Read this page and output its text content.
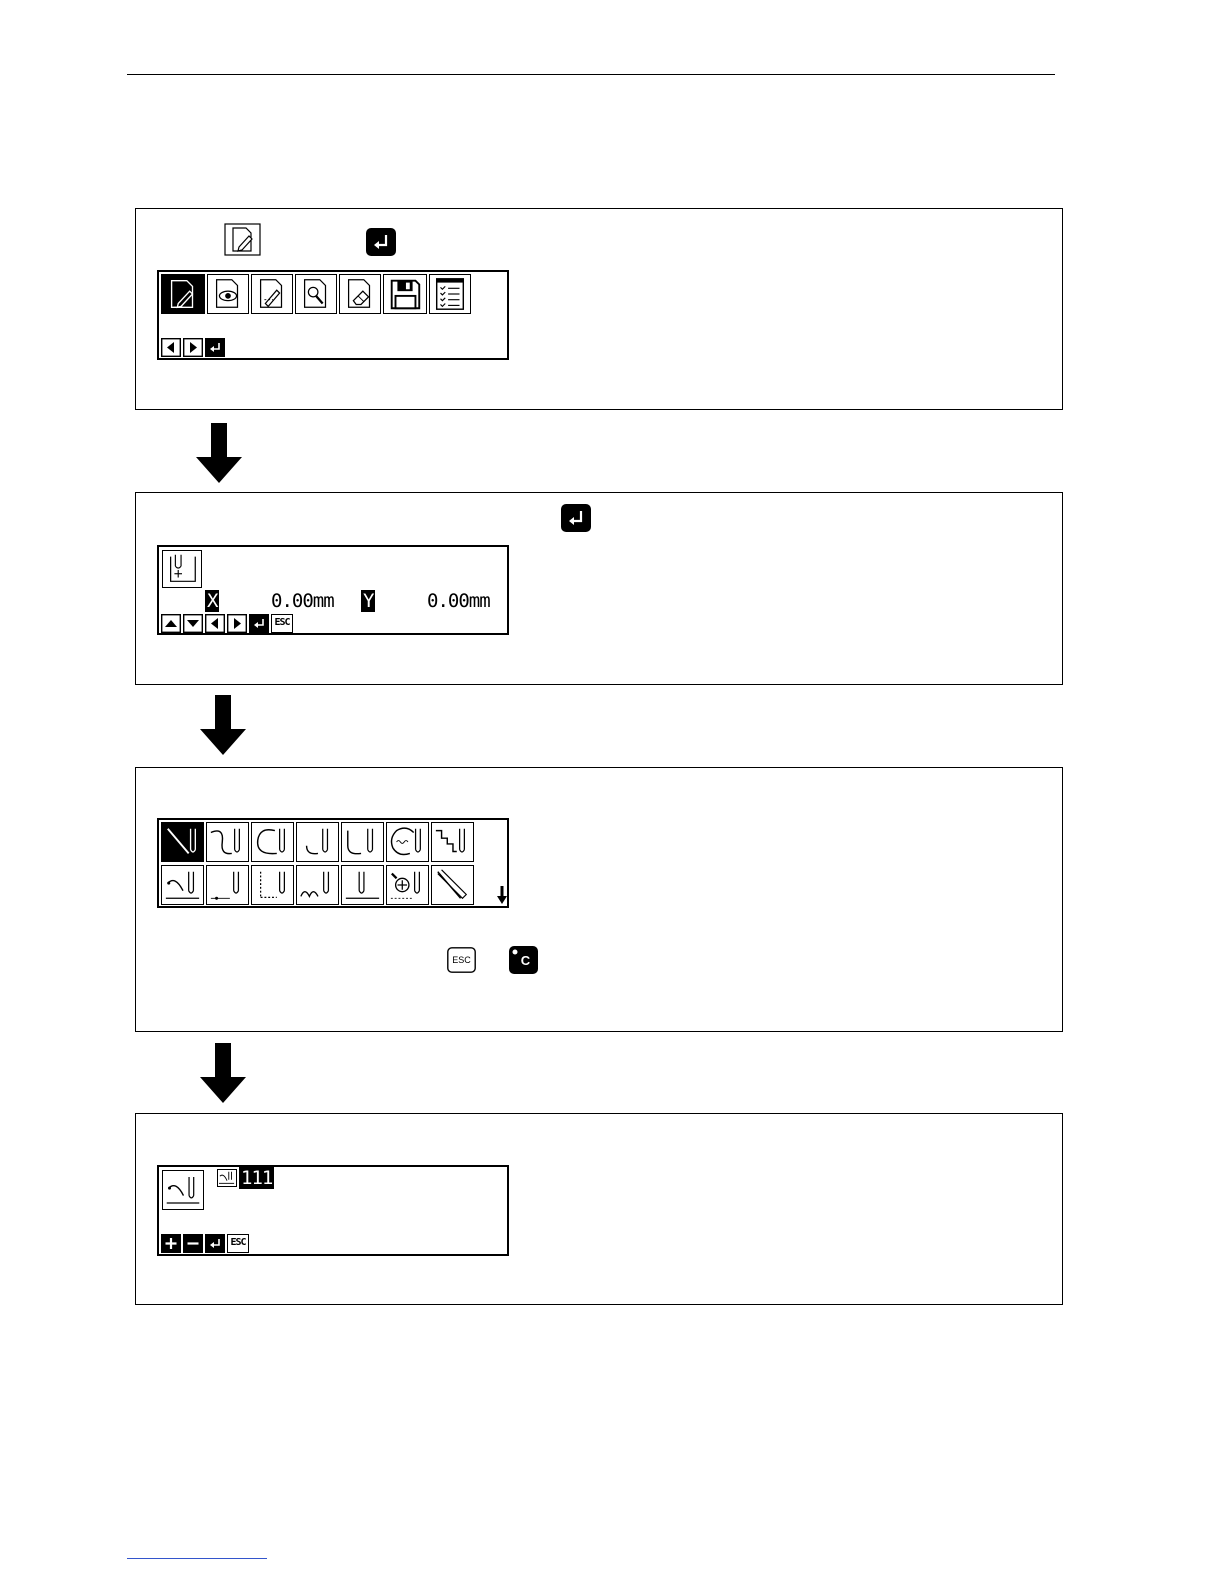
X	0.00mm Y	0.00mm
ESC
ESC	C
111
ESC
